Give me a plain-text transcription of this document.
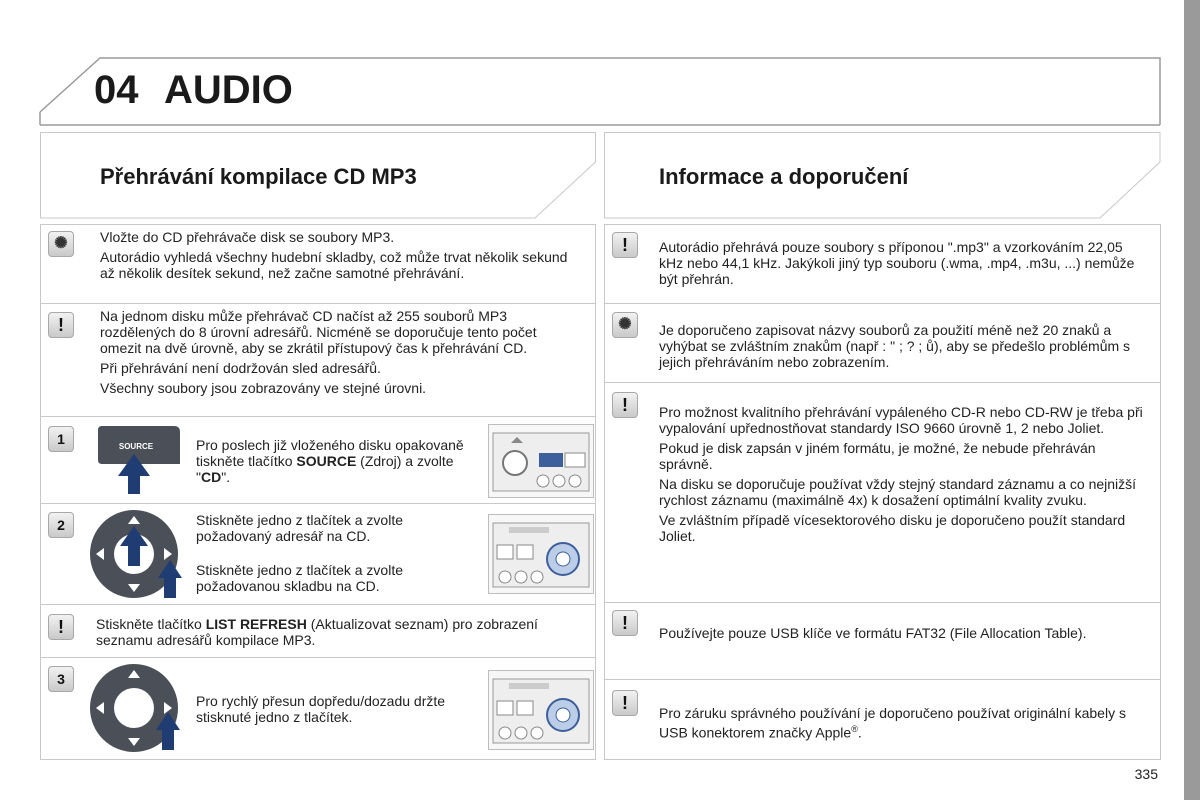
04 AUDIO
Přehrávání kompilace CD MP3
✺	Vložte do CD přehrávače disk se soubory MP3.

Autorádio vyhledá všechny hudební skladby, což může trvat několik sekund až několik desítek sekund, než začne samotné přehrávání.

!	Na jednom disku může přehrávač CD načíst až 255 souborů MP3 rozdělených do 8 úrovní adresářů. Nicméně se doporučuje tento počet omezit na dvě úrovně, aby se zkrátil přístupový čas k přehrávání CD.

Při přehrávání není dodržován sled adresářů.

Všechny soubory jsou zobrazovány ve stejné úrovni.

1	SOURCE	Pro poslech již vloženého disku opakovaně tiskněte tlačítko SOURCE (Zdroj) a zvolte "CD".
2	Stiskněte jedno z tlačítek a zvolte požadovaný adresář na CD.

Stiskněte jedno z tlačítek a zvolte požadovanou skladbu na CD.

!	Stiskněte tlačítko LIST REFRESH (Aktualizovat seznam) pro zobrazení seznamu adresářů kompilace MP3.
3
Pro rychlý přesun dopředu/dozadu držte stisknuté jedno z tlačítek.
Informace a doporučení
!	Autorádio přehrává pouze soubory s příponou ".mp3" a vzorkováním 22,05 kHz nebo 44,1 kHz. Jakýkoli jiný typ souboru (.wma, .mp4, .m3u, ...) nemůže být přehrán.
✺	Je doporučeno zapisovat názvy souborů za použití méně než 20 znaků a vyhýbat se zvláštním znakům (např : " ; ? ; ů), aby se předešlo problémům s jejich přehráváním nebo zobrazením.
!	Pro možnost kvalitního přehrávání vypáleného CD-R nebo CD-RW je třeba při vypalování upřednostňovat standardy ISO 9660 úrovně 1, 2 nebo Joliet.

Pokud je disk zapsán v jiném formátu, je možné, že nebude přehráván správně.

Na disku se doporučuje používat vždy stejný standard záznamu a co nejnižší rychlost záznamu (maximálně 4x) k dosažení optimální kvality zvuku.

Ve zvláštním případě vícesektorového disku je doporučeno použít standard Joliet.

!	Používejte pouze USB klíče ve formátu FAT32 (File Allocation Table).
!	Pro záruku správného používání je doporučeno používat originální kabely s USB konektorem značky Apple®.
335
